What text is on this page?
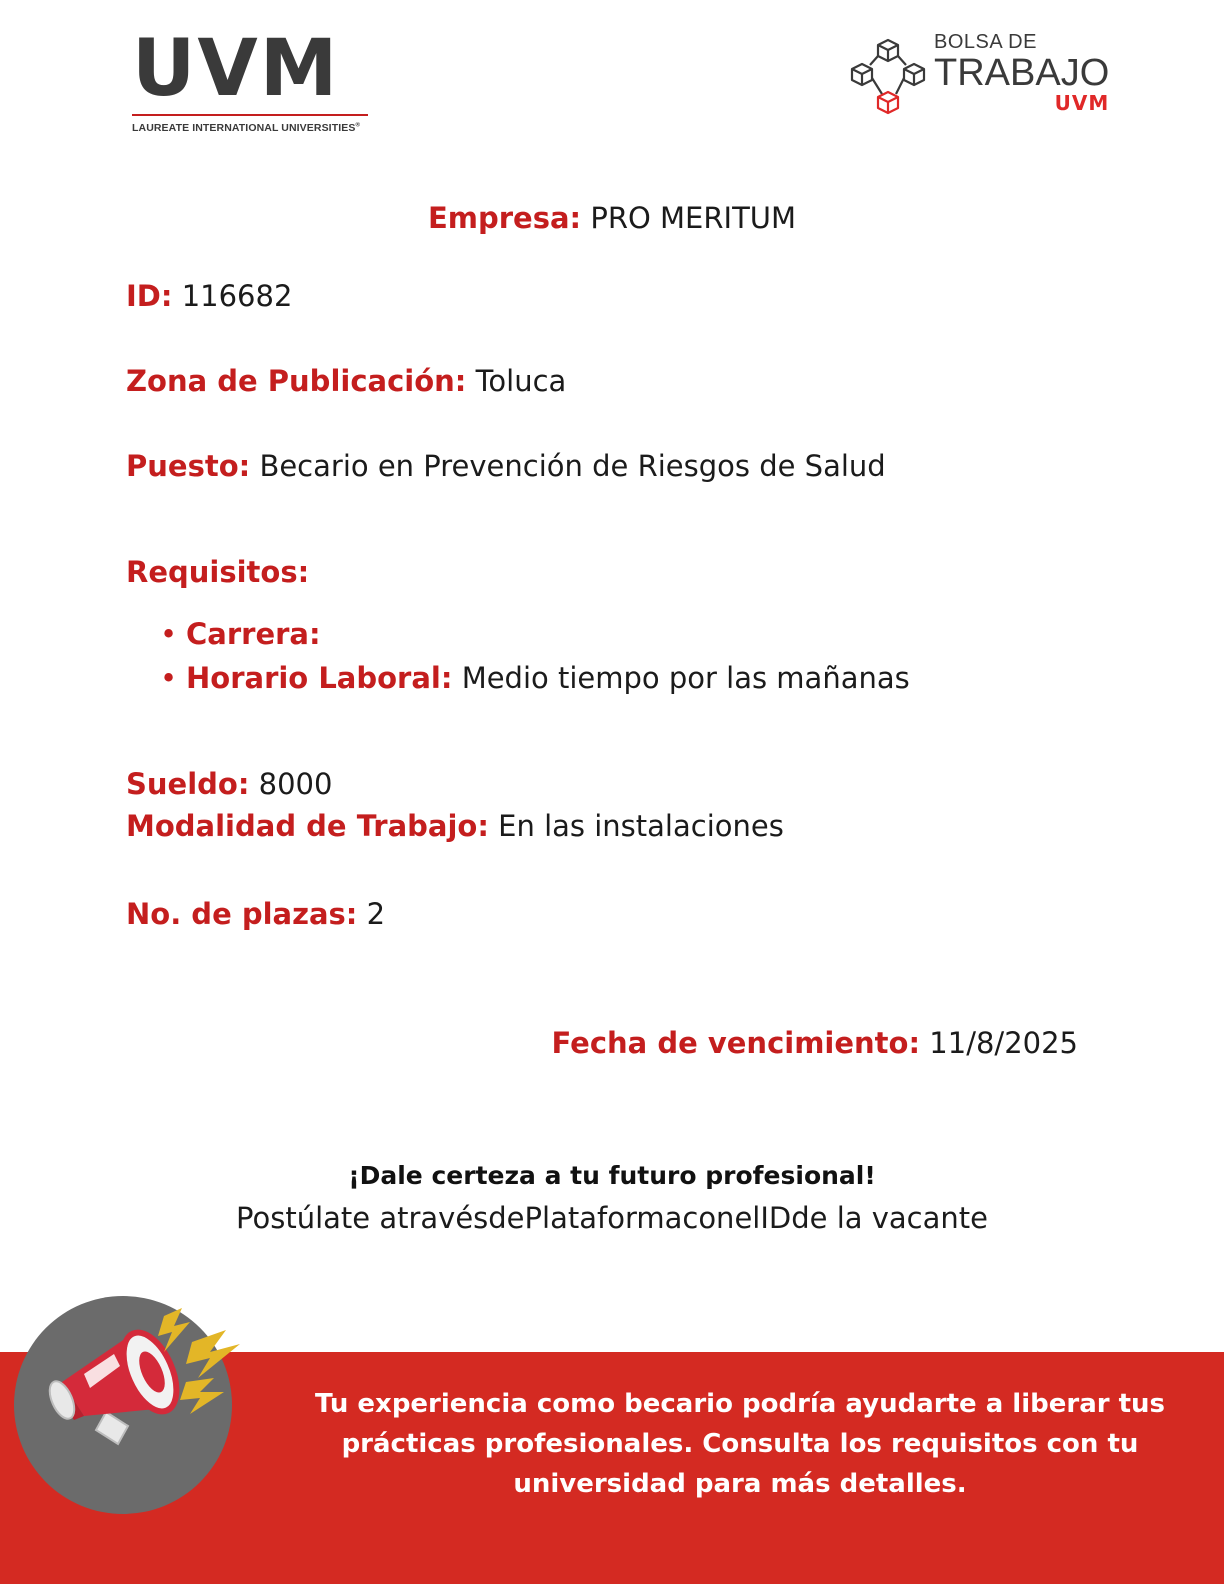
UVM
LAUREATE INTERNATIONAL UNIVERSITIES®
BOLSA DE
TRABAJO
UVM
Empresa: PRO MERITUM
ID: 116682
Zona de Publicación: Toluca
Puesto: Becario en Prevención de Riesgos de Salud
Requisitos:
• Carrera:
• Horario Laboral: Medio tiempo por las mañanas
Sueldo: 8000
Modalidad de Trabajo: En las instalaciones
No. de plazas: 2
Fecha de vencimiento: 11/8/2025
¡Dale certeza a tu futuro profesional!
Postúlate atravésdePlataformaconelIDde la vacante
Tu experiencia como becario podría ayudarte a liberar tus
prácticas profesionales. Consulta los requisitos con tu
universidad para más detalles.
